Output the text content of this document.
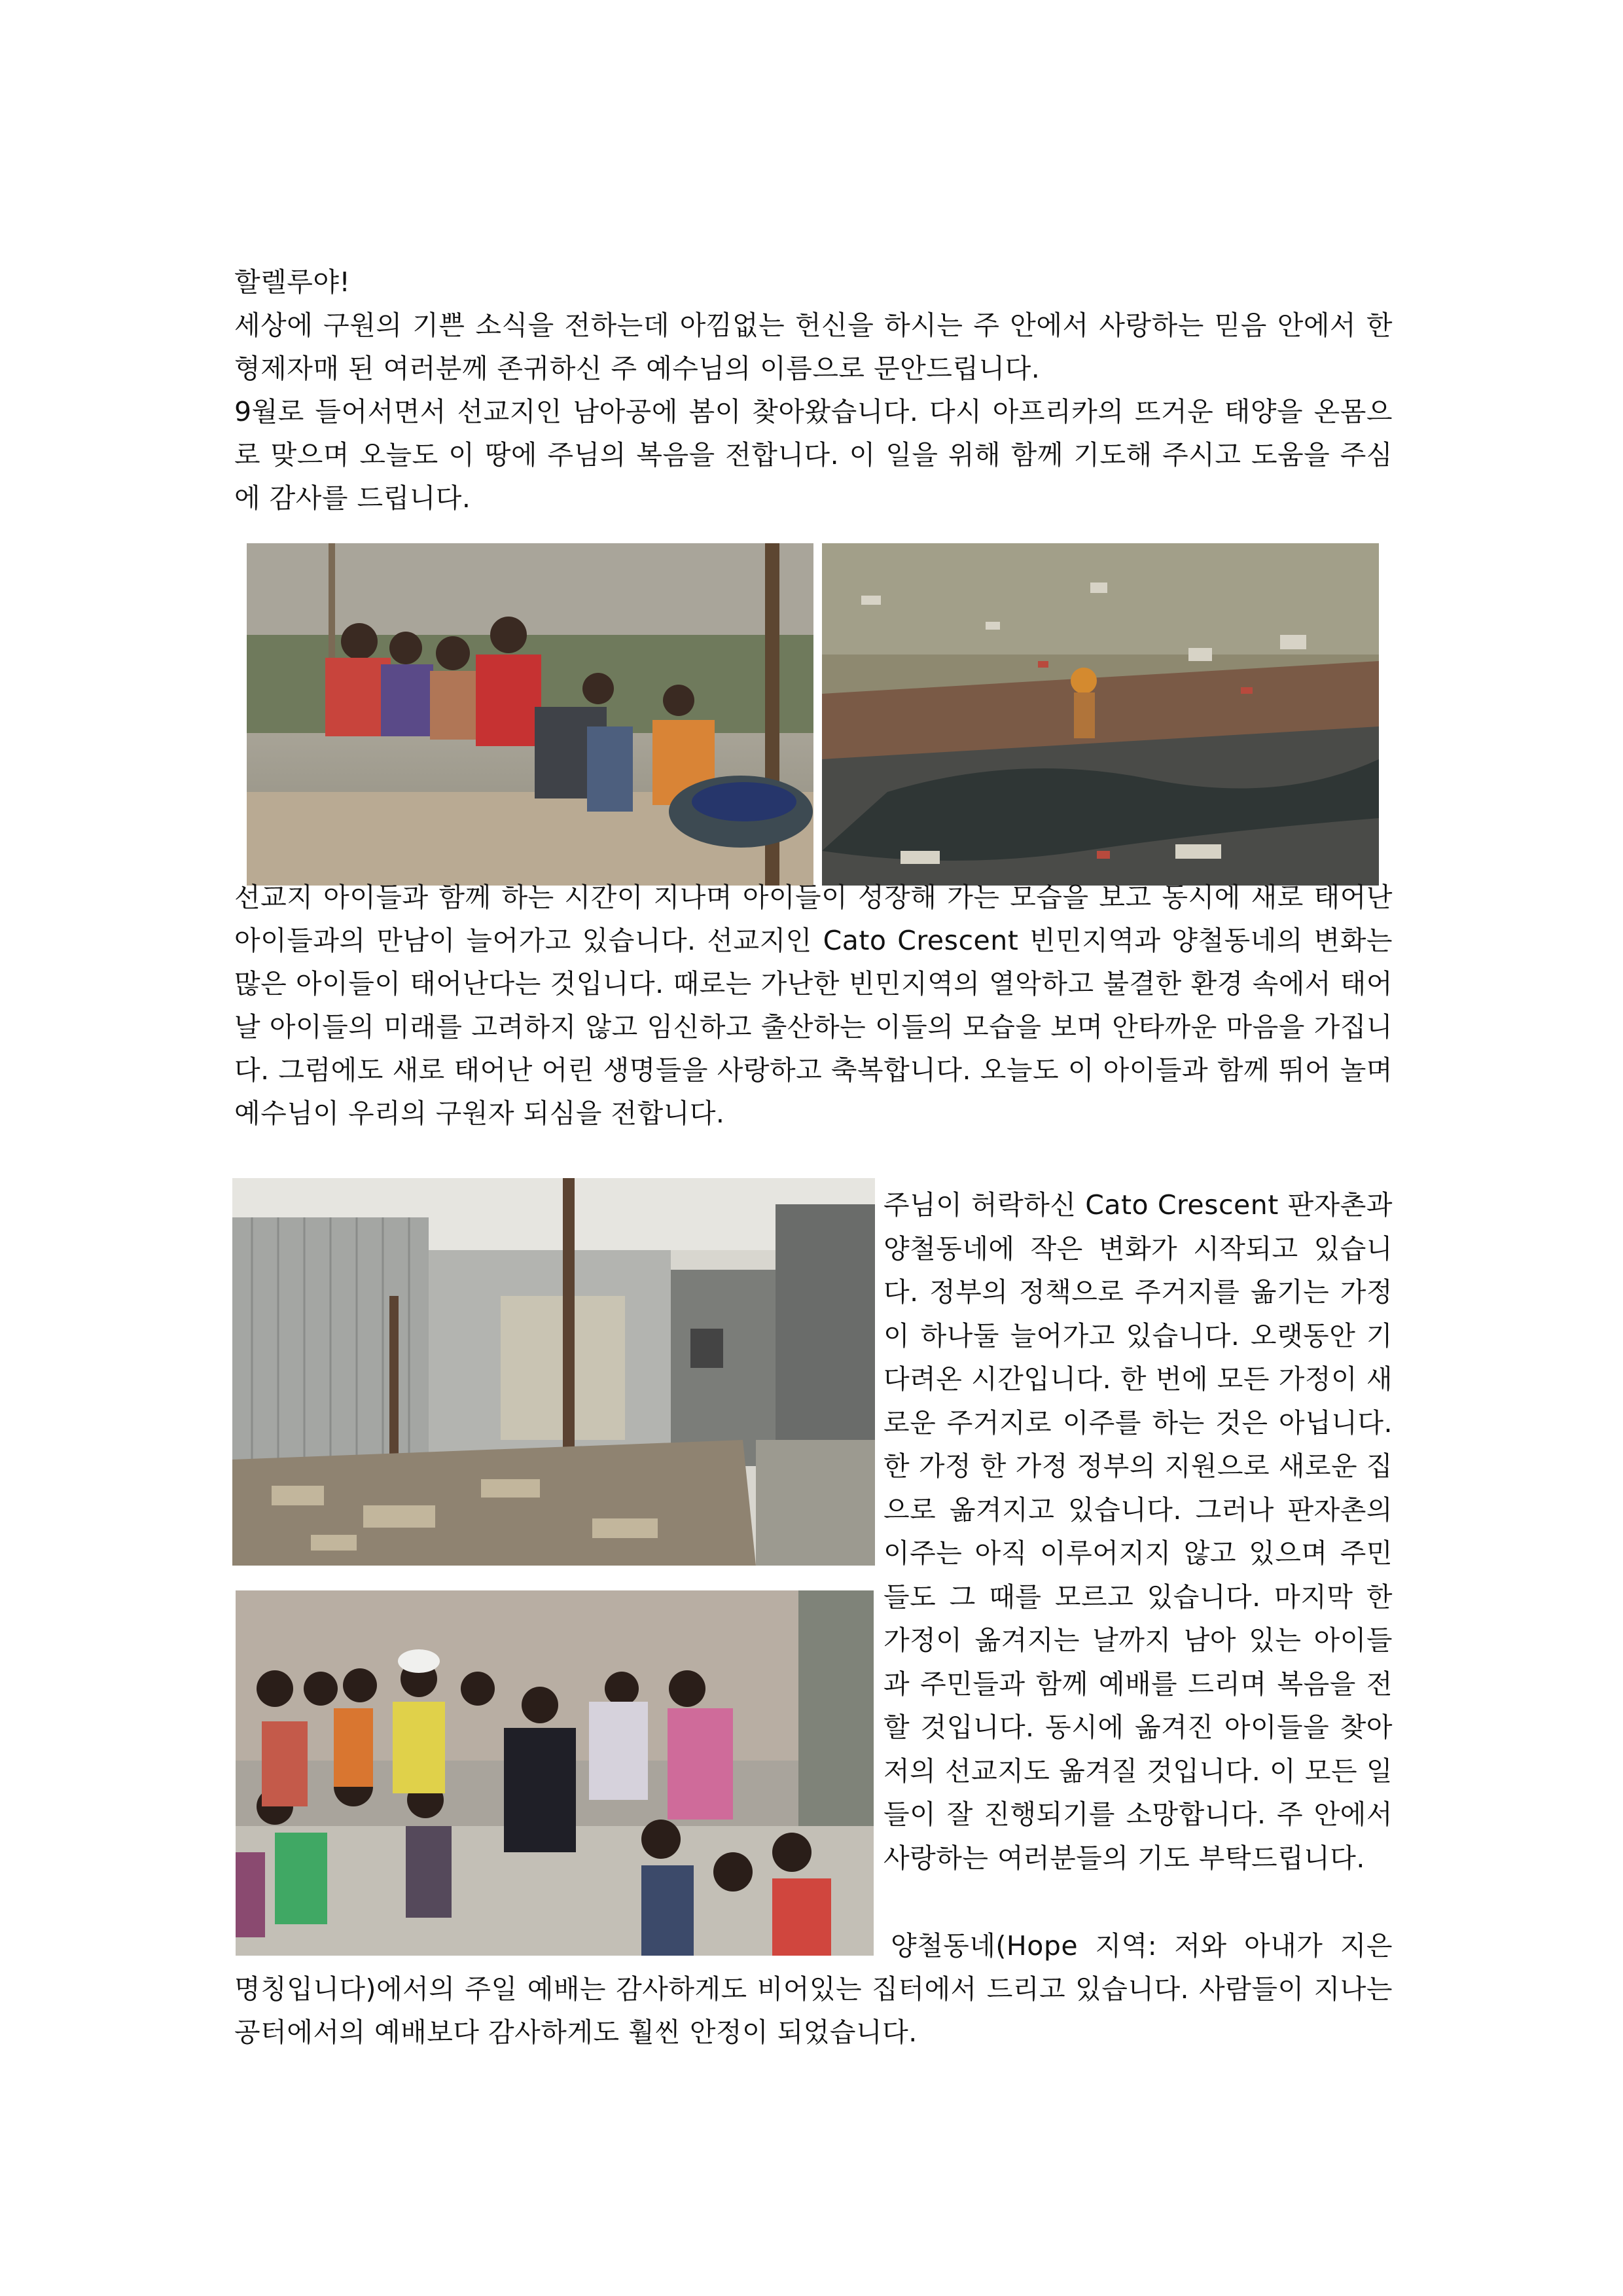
할렐루야!

세상에 구원의 기쁜 소식을 전하는데 아낌없는 헌신을 하시는 주 안에서 사랑하는 믿음 안에서 한 형제자매 된 여러분께 존귀하신 주 예수님의 이름으로 문안드립니다.

9월로 들어서면서 선교지인 남아공에 봄이 찾아왔습니다. 다시 아프리카의 뜨거운 태양을 온몸으로 맞으며 오늘도 이 땅에 주님의 복음을 전합니다. 이 일을 위해 함께 기도해 주시고 도움을 주심에 감사를 드립니다.

선교지 아이들과 함께 하는 시간이 지나며 아이들이 성장해 가는 모습을 보고 동시에 새로 태어난 아이들과의 만남이 늘어가고 있습니다. 선교지인 Cato Crescent 빈민지역과 양철동네의 변화는 많은 아이들이 태어난다는 것입니다. 때로는 가난한 빈민지역의 열악하고 불결한 환경 속에서 태어날 아이들의 미래를 고려하지 않고 임신하고 출산하는 이들의 모습을 보며 안타까운 마음을 가집니다. 그럼에도 새로 태어난 어린 생명들을 사랑하고 축복합니다. 오늘도 이 아이들과 함께 뛰어 놀며 예수님이 우리의 구원자 되심을 전합니다.

주님이 허락하신 Cato Crescent 판자촌과 양철동네에 작은 변화가 시작되고 있습니다. 정부의 정책으로 주거지를 옮기는 가정이 하나둘 늘어가고 있습니다. 오랫동안 기다려온 시간입니다. 한 번에 모든 가정이 새로운 주거지로 이주를 하는 것은 아닙니다. 한 가정 한 가정 정부의 지원으로 새로운 집으로 옮겨지고 있습니다. 그러나 판자촌의 이주는 아직 이루어지지 않고 있으며 주민들도 그 때를 모르고 있습니다. 마지막 한 가정이 옮겨지는 날까지 남아 있는 아이들과 주민들과 함께 예배를 드리며 복음을 전할 것입니다. 동시에 옮겨진 아이들을 찾아 저의 선교지도 옮겨질 것입니다. 이 모든 일들이 잘 진행되기를 소망합니다. 주 안에서 사랑하는 여러분들의 기도 부탁드립니다.

양철동네(Hope 지역: 저와 아내가 지은 명칭입니다)에서의 주일 예배는 감사하게도 비어있는 집터에서 드리고 있습니다. 사람들이 지나는 공터에서의 예배보다 감사하게도 훨씬 안정이 되었습니다.
